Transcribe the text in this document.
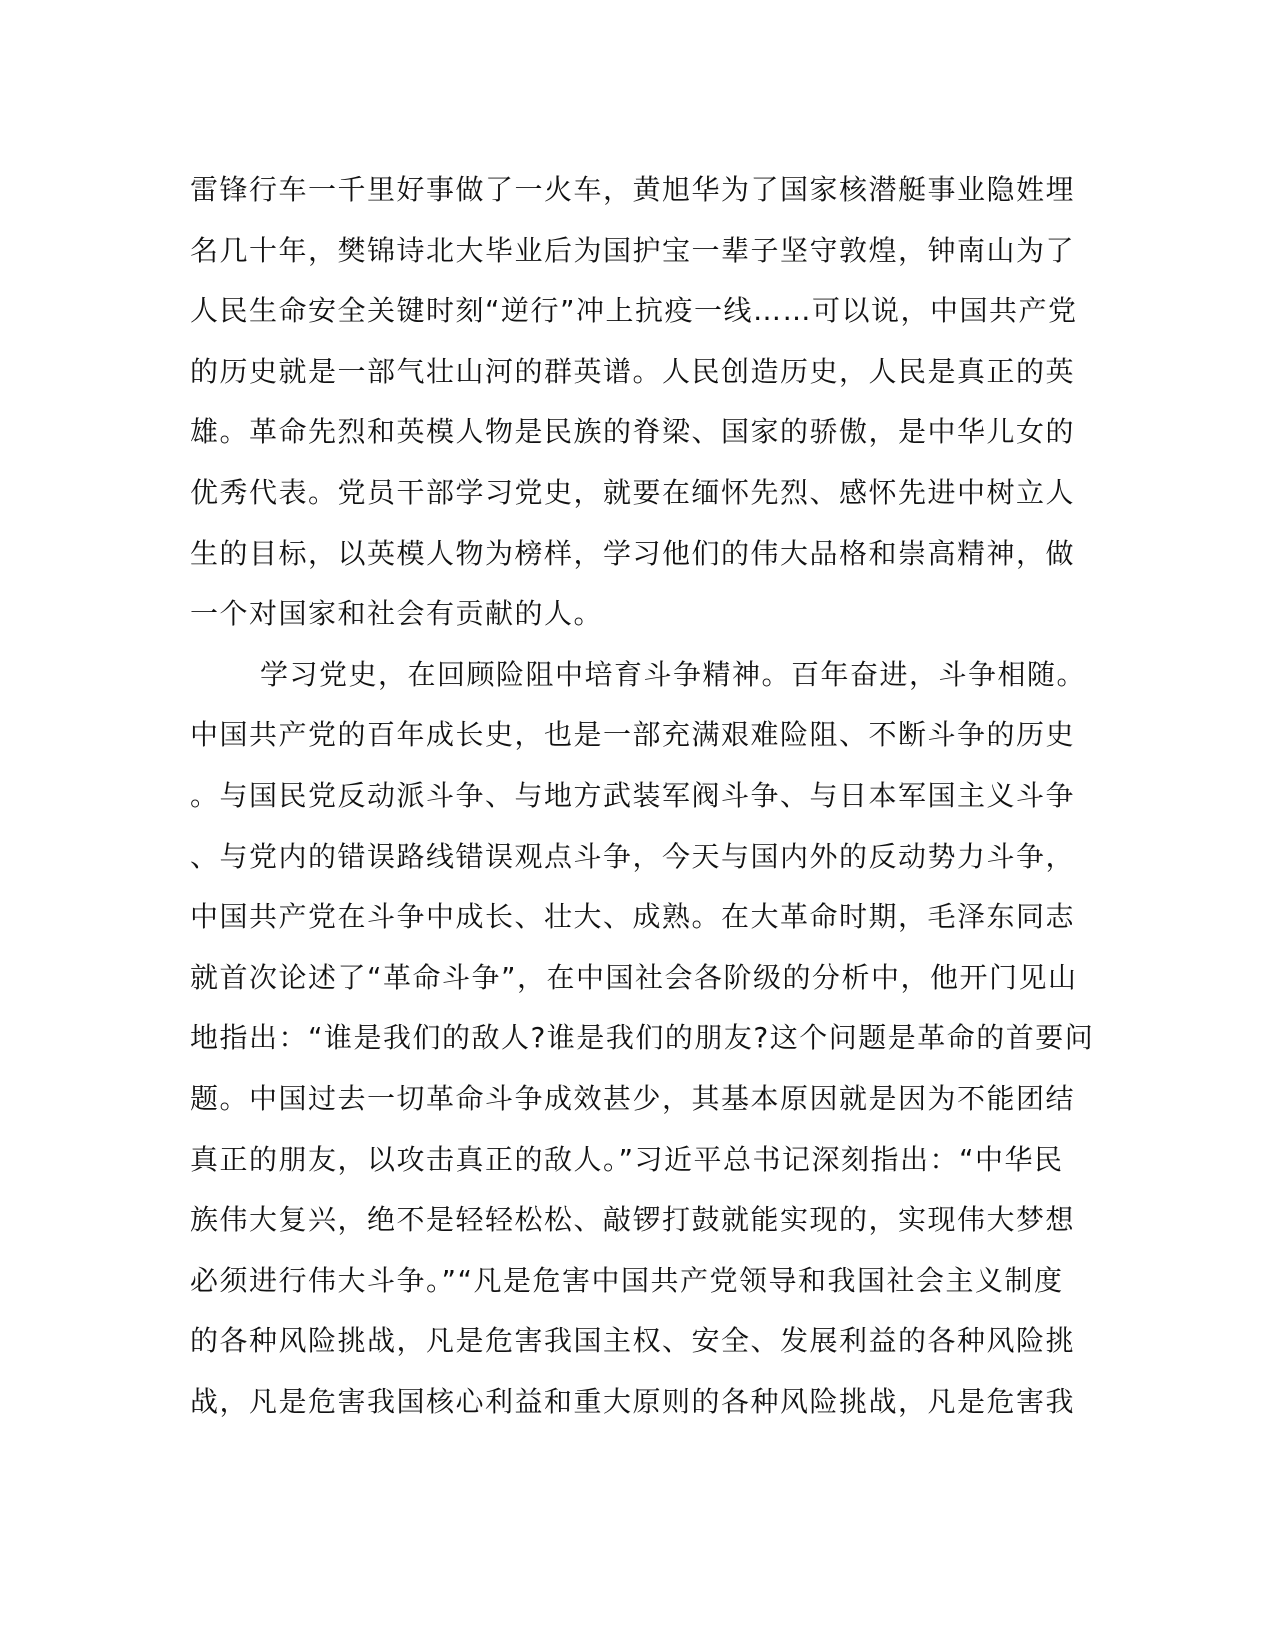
雷锋行车一千里好事做了一火车，黄旭华为了国家核潜艇事业隐姓埋
名几十年，樊锦诗北大毕业后为国护宝一辈子坚守敦煌，钟南山为了
人民生命安全关键时刻“逆行”冲上抗疫一线……可以说，中国共产党
的历史就是一部气壮山河的群英谱。人民创造历史，人民是真正的英
雄。革命先烈和英模人物是民族的脊梁、国家的骄傲，是中华儿女的
优秀代表。党员干部学习党史，就要在缅怀先烈、感怀先进中树立人
生的目标，以英模人物为榜样，学习他们的伟大品格和崇高精神，做
一个对国家和社会有贡献的人。
学习党史，在回顾险阻中培育斗争精神。百年奋进，斗争相随。
中国共产党的百年成长史，也是一部充满艰难险阻、不断斗争的历史
。与国民党反动派斗争、与地方武装军阀斗争、与日本军国主义斗争
、与党内的错误路线错误观点斗争，今天与国内外的反动势力斗争，
中国共产党在斗争中成长、壮大、成熟。在大革命时期，毛泽东同志
就首次论述了“革命斗争”，在中国社会各阶级的分析中，他开门见山
地指出：“谁是我们的敌人?谁是我们的朋友?这个问题是革命的首要问
题。中国过去一切革命斗争成效甚少，其基本原因就是因为不能团结
真正的朋友，以攻击真正的敌人。”习近平总书记深刻指出：“中华民
族伟大复兴，绝不是轻轻松松、敲锣打鼓就能实现的，实现伟大梦想
必须进行伟大斗争。”“凡是危害中国共产党领导和我国社会主义制度
的各种风险挑战，凡是危害我国主权、安全、发展利益的各种风险挑
战，凡是危害我国核心利益和重大原则的各种风险挑战，凡是危害我
